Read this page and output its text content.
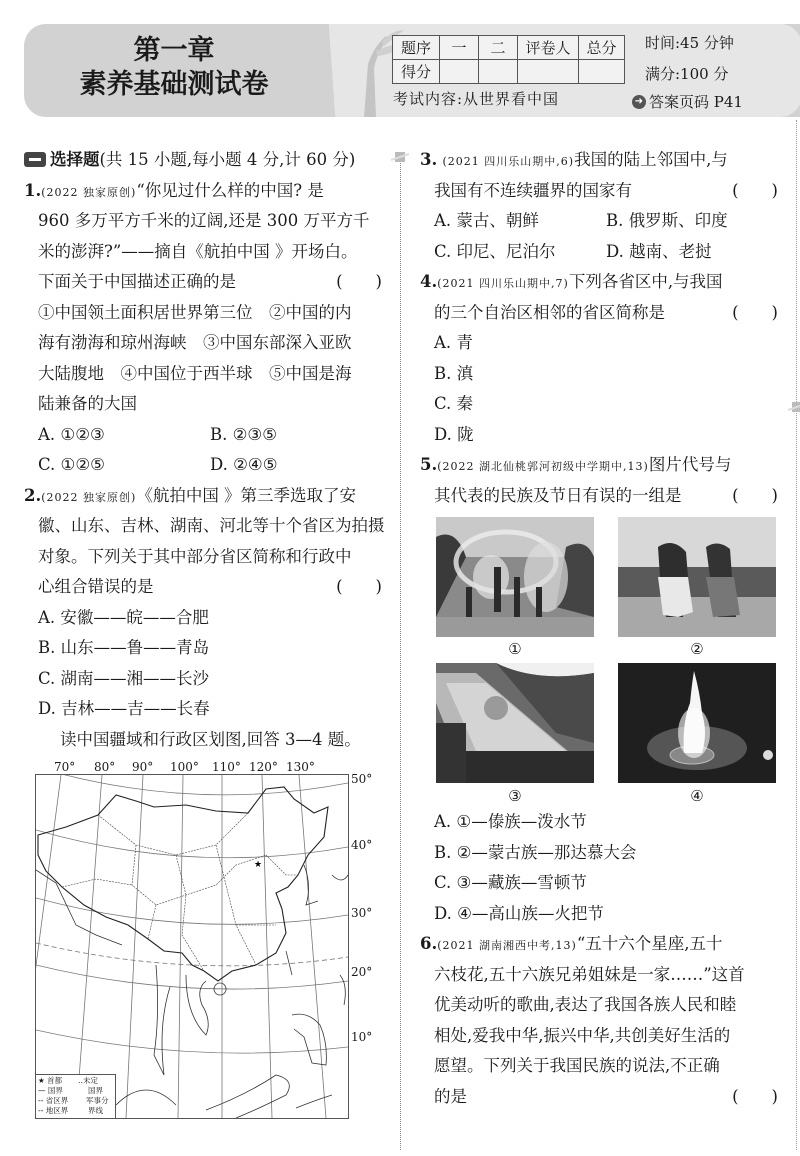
第一章
素养基础测试卷
题序	一	二	评卷人	总分
得分				
考试内容:从世界看中国
时间:45 分钟
满分:100 分
➜ 答案页码 P41
选择题(共 15 小题,每小题 4 分,计 60 分)
1.(2022 独家原创)“你见过什么样的中国? 是
960 多万平方千米的辽阔,还是 300 万平方千
米的澎湃?”——摘自《航拍中国 》开场白。
下面关于中国描述正确的是	(　　)
①中国领土面积居世界第三位　②中国的内
海有渤海和琼州海峡　③中国东部深入亚欧
大陆腹地　④中国位于西半球　⑤中国是海
陆兼备的大国
A. ①②③	B. ②③⑤
C. ①②⑤	D. ②④⑤
2.(2022 独家原创)《航拍中国 》第三季选取了安
徽、山东、吉林、湖南、河北等十个省区为拍摄
对象。下列关于其中部分省区简称和行政中
心组合错误的是	(　　)
A. 安徽——皖——合肥
B. 山东——鲁——青岛
C. 湖南——湘——长沙
D. 吉林——吉——长春
读中国疆域和行政区划图,回答 3—4 题。
70° 80° 90° 100° 110° 120° 130°
50°
40°
30°
20°
10°
★
★ 首都
— 国界
-- 省区界
-- 地区界
‥未定
国界
军事分
界线
3. (2021 四川乐山期中,6)我国的陆上邻国中,与
我国有不连续疆界的国家有	(　　)
A. 蒙古、朝鲜	B. 俄罗斯、印度
C. 印尼、尼泊尔	D. 越南、老挝
4.(2021 四川乐山期中,7)下列各省区中,与我国
的三个自治区相邻的省区简称是	(　　)
A. 青
B. 滇
C. 秦
D. 陇
5.(2022 湖北仙桃郭河初级中学期中,13)图片代号与
其代表的民族及节日有误的一组是	(　　)
A. ①—傣族—泼水节
B. ②—蒙古族—那达慕大会
C. ③—藏族—雪顿节
D. ④—高山族—火把节
6.(2021 湖南湘西中考,13)“五十六个星座,五十
六枝花,五十六族兄弟姐妹是一家……”这首
优美动听的歌曲,表达了我国各族人民和睦
相处,爱我中华,振兴中华,共创美好生活的
愿望。下列关于我国民族的说法,不正确
的是	(　　)
①	②
③	④
